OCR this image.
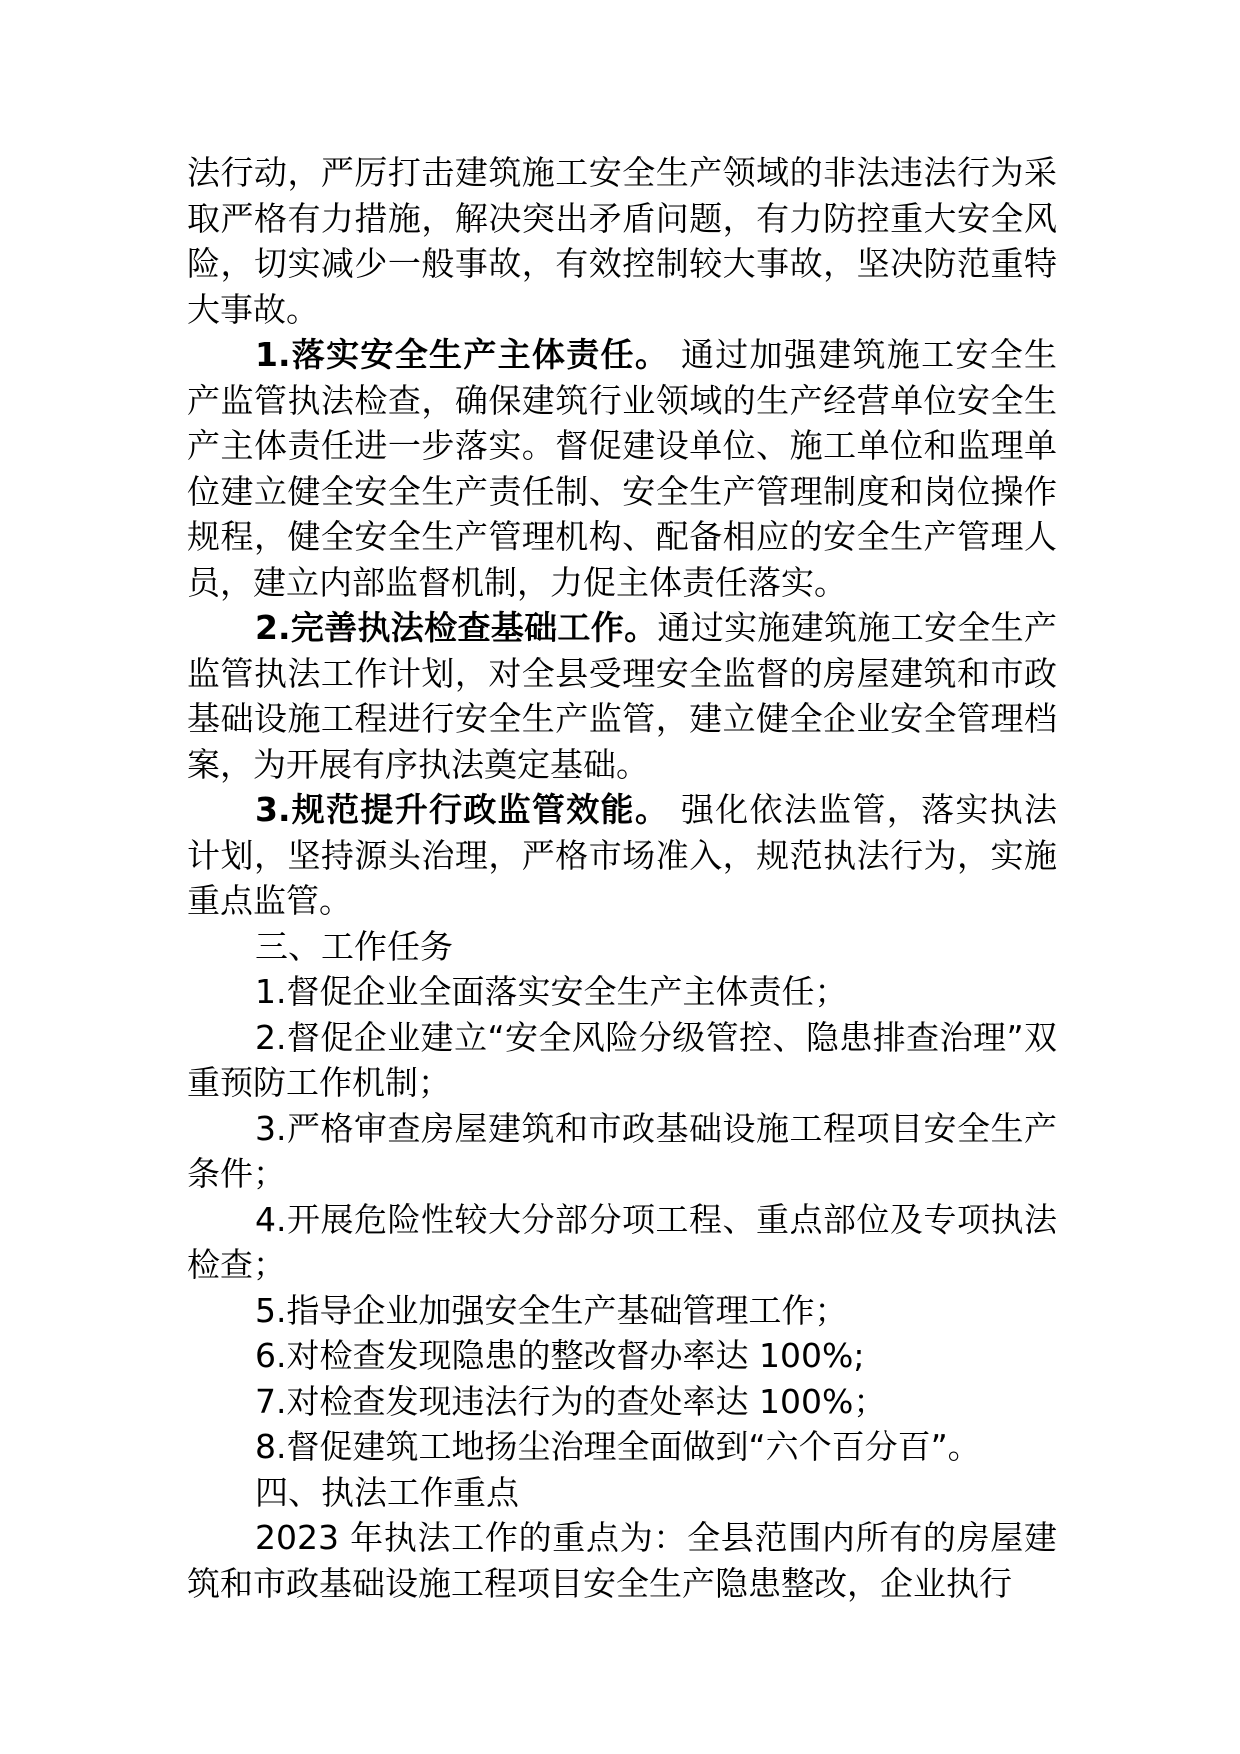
法行动，严厉打击建筑施工安全生产领域的非法违法行为采取严格有力措施，解决突出矛盾问题，有力防控重大安全风险，切实减少一般事故，有效控制较大事故，坚决防范重特大事故。

1.落实安全生产主体责任。 通过加强建筑施工安全生产监管执法检查，确保建筑行业领域的生产经营单位安全生产主体责任进一步落实。督促建设单位、施工单位和监理单位建立健全安全生产责任制、安全生产管理制度和岗位操作规程，健全安全生产管理机构、配备相应的安全生产管理人员，建立内部监督机制，力促主体责任落实。

2.完善执法检查基础工作。通过实施建筑施工安全生产监管执法工作计划，对全县受理安全监督的房屋建筑和市政基础设施工程进行安全生产监管，建立健全企业安全管理档案，为开展有序执法奠定基础。

3.规范提升行政监管效能。 强化依法监管，落实执法计划，坚持源头治理，严格市场准入，规范执法行为，实施重点监管。

三、工作任务

1.督促企业全面落实安全生产主体责任；

2.督促企业建立“安全风险分级管控、隐患排查治理”双重预防工作机制；

3.严格审查房屋建筑和市政基础设施工程项目安全生产条件；

4.开展危险性较大分部分项工程、重点部位及专项执法检查；

5.指导企业加强安全生产基础管理工作；

6.对检查发现隐患的整改督办率达 100%;

7.对检查发现违法行为的查处率达 100%；

8.督促建筑工地扬尘治理全面做到“六个百分百”。

四、执法工作重点

2023 年执法工作的重点为：全县范围内所有的房屋建筑和市政基础设施工程项目安全生产隐患整改，企业执行
